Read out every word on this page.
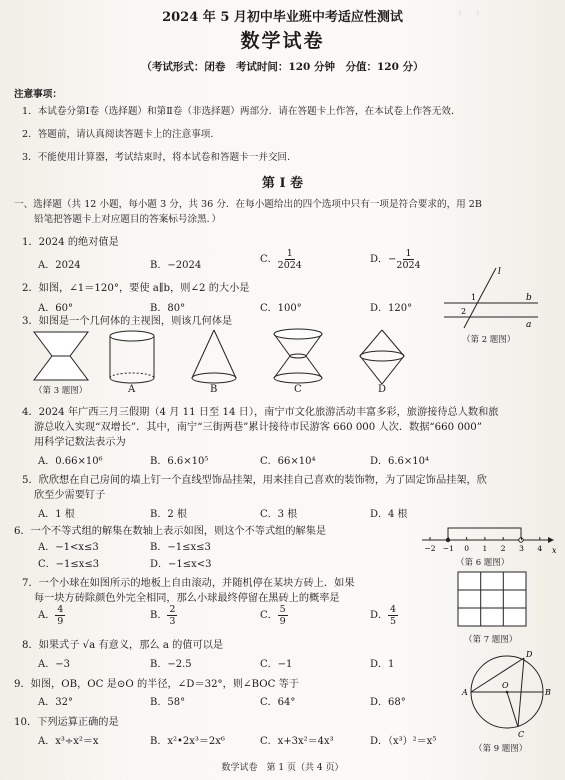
（　　）
2024 年 5 月初中毕业班中考适应性测试
数学试卷
（考试形式：闭卷　考试时间：120 分钟　分值：120 分）
注意事项：
1．本试卷分第Ⅰ卷（选择题）和第Ⅱ卷（非选择题）两部分．请在答题卡上作答，在本试卷上作答无效．
2．答题前，请认真阅读答题卡上的注意事项．
3．不能使用计算器，考试结束时，将本试卷和答题卡一并交回．
第 Ⅰ 卷
一、选择题（共 12 小题，每小题 3 分，共 36 分．在每小题给出的四个选项中只有一项是符合要求的，用 2B
铅笔把答题卡上对应题目的答案标号涂黑．）
1．2024 的绝对值是
A．2024	B．−2024
C． $\frac{1}{2024}$	D．− $\frac{1}{2024}$
2．如图，∠1＝120°，要使 a∥b，则∠2 的大小是
A．60°	B．80°	C．100°	D．120°
l
1
2
b
a
（第 2 题图）
3．如图是一个几何体的主视图，则该几何体是
（第 3 题图）	A	B	C	D
4．2024 年广西三月三假期（4 月 11 日至 14 日），南宁市文化旅游活动丰富多彩，旅游接待总人数和旅
游总收入实现“双增长”．其中，南宁“三街两巷”累计接待市民游客 660 000 人次．数据“660 000”
用科学记数法表示为
A．0.66×10⁶	B．6.6×10⁵	C．66×10⁴	D．6.6×10⁴
5．欣欣想在自己房间的墙上钉一个直线型饰品挂架，用来挂自己喜欢的装饰物，为了固定饰品挂架，欣
欣至少需要钉子
A．1 根	B．2 根	C．3 根	D．4 根
6．一个不等式组的解集在数轴上表示如图，则这个不等式组的解集是
A．−1<x≤3	B．−1≤x≤3
C．−1≤x≤3	D．−1≤x<3
−2 −1 0 1 2 3 4 x
（第 6 题图）
7．一个小球在如图所示的地板上自由滚动，并随机停在某块方砖上．如果
每一块方砖除颜色外完全相同，那么小球最终停留在黑砖上的概率是
A． $\frac{4}{9}$	B． $\frac{2}{3}$	C． $\frac{5}{9}$	D． $\frac{4}{5}$
（第 7 题图）
8．如果式子 √a 有意义，那么 a 的值可以是
A．−3	B．−2.5	C．−1	D．1
9．如图，OB，OC 是⊙O 的半径，∠D＝32°，则∠BOC 等于
A．32°	B．58°	C．64°	D．68°
D
A	B
O
C
（第 9 题图）
10．下列运算正确的是
A．x³÷x²＝x	B．x²•2x³＝2x⁶	C．x+3x²＝4x³	D．（x³）²＝x⁵
数学试卷　第 1 页（共 4 页）
